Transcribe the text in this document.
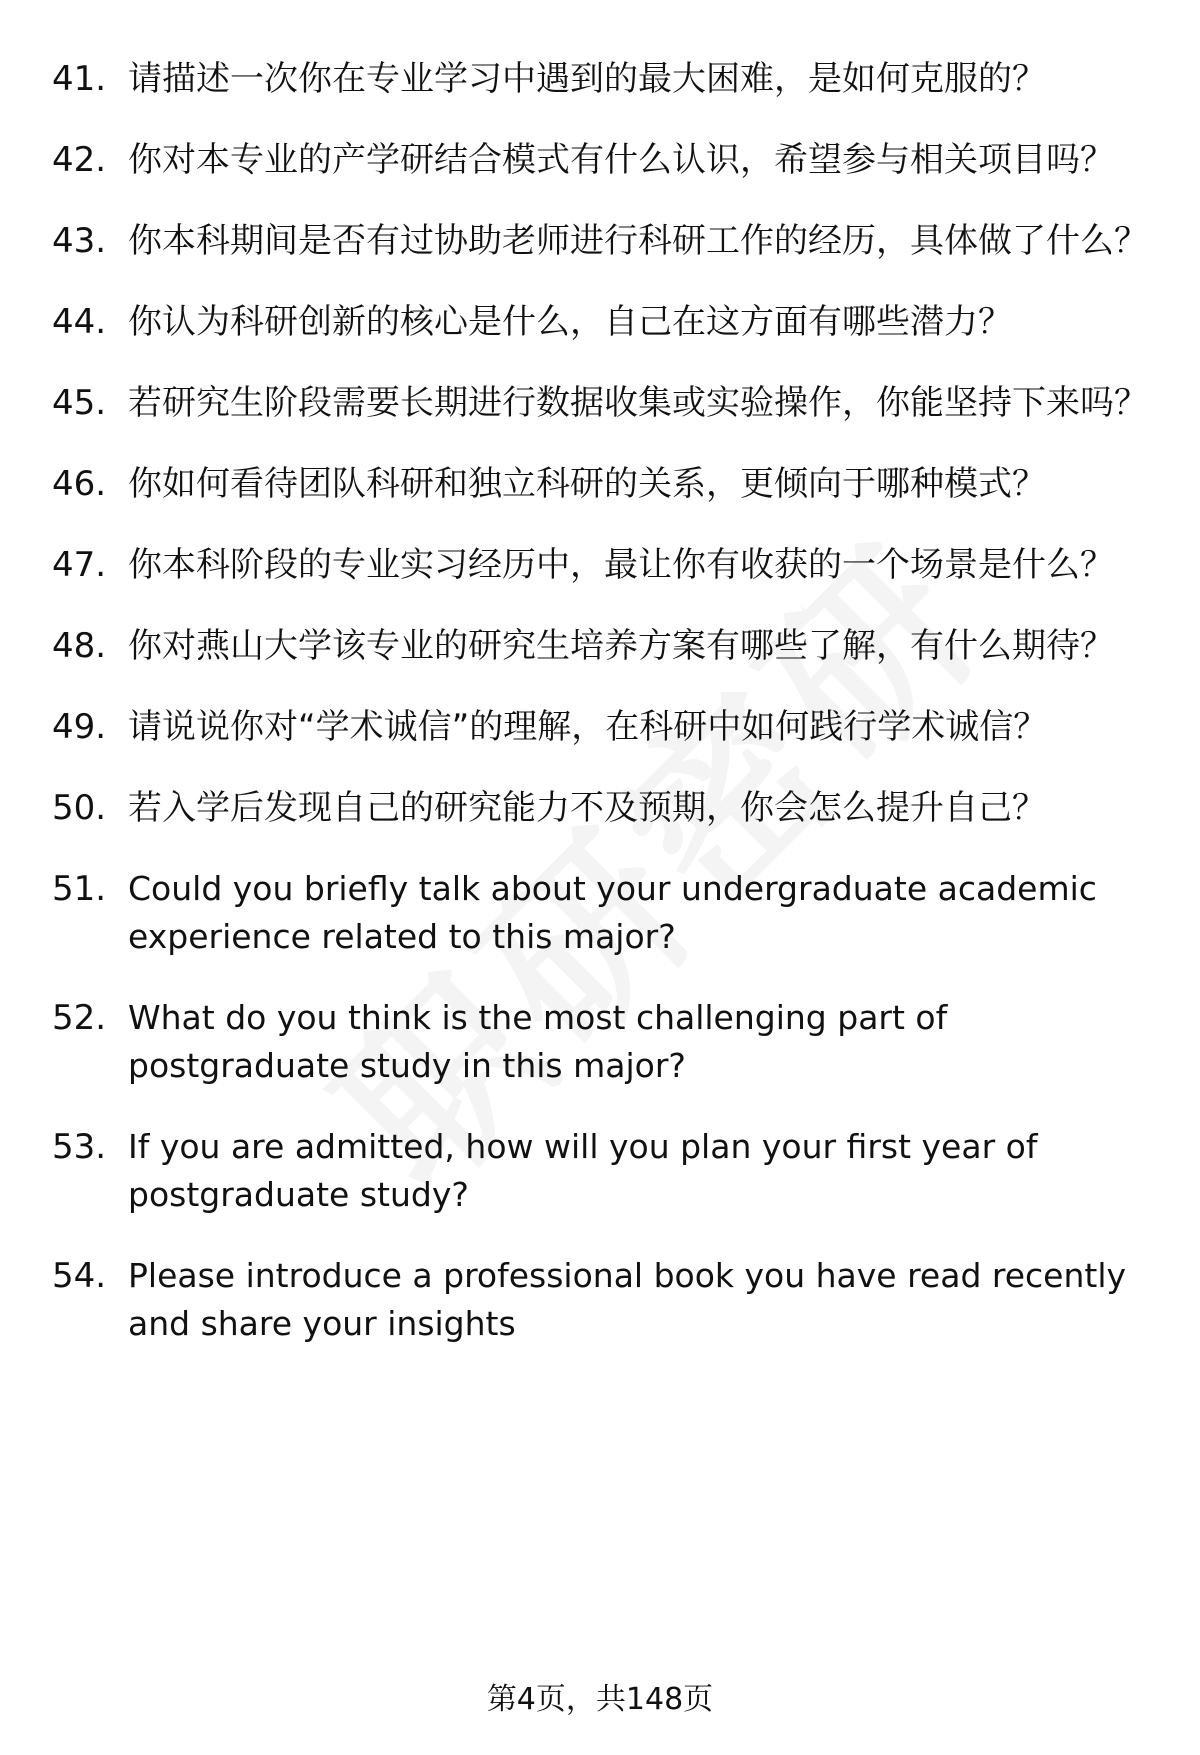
41. 请描述一次你在专业学习中遇到的最大困难，是如何克服的？
42. 你对本专业的产学研结合模式有什么认识，希望参与相关项目吗？
43. 你本科期间是否有过协助老师进行科研工作的经历，具体做了什么？
44. 你认为科研创新的核心是什么，自己在这方面有哪些潜力？
45. 若研究生阶段需要长期进行数据收集或实验操作，你能坚持下来吗？
46. 你如何看待团队科研和独立科研的关系，更倾向于哪种模式？
47. 你本科阶段的专业实习经历中，最让你有收获的一个场景是什么？
48. 你对燕山大学该专业的研究生培养方案有哪些了解，有什么期待？
49. 请说说你对“学术诚信”的理解，在科研中如何践行学术诚信？
50. 若入学后发现自己的研究能力不及预期，你会怎么提升自己？
51. Could you briefly talk about your undergraduate academic experience related to this major?
52. What do you think is the most challenging part of postgraduate study in this major?
53. If you are admitted, how will you plan your first year of postgraduate study?
54. Please introduce a professional book you have read recently and share your insights
第4页，共148页
